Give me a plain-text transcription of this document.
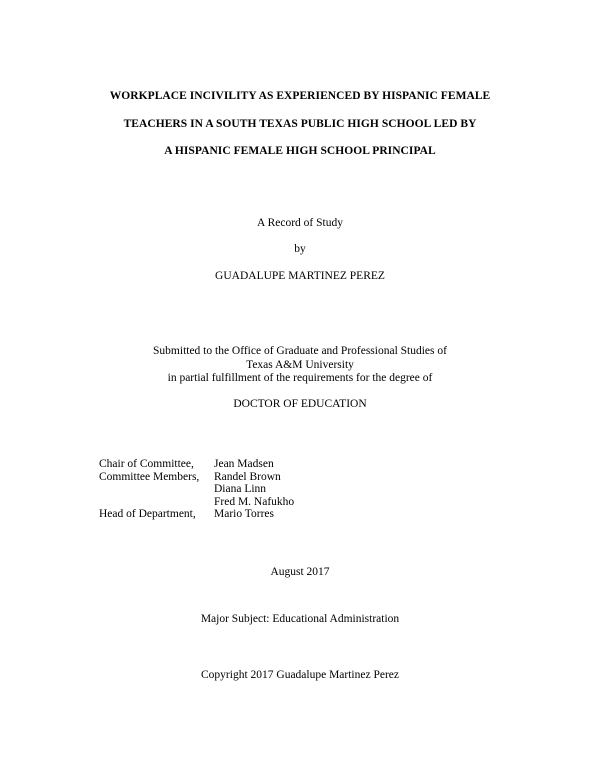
WORKPLACE INCIVILITY AS EXPERIENCED BY HISPANIC FEMALE
TEACHERS IN A SOUTH TEXAS PUBLIC HIGH SCHOOL LED BY
A HISPANIC FEMALE HIGH SCHOOL PRINCIPAL
A Record of Study
by
GUADALUPE MARTINEZ PEREZ
Submitted to the Office of Graduate and Professional Studies of
Texas A&M University
in partial fulfillment of the requirements for the degree of
DOCTOR OF EDUCATION
Chair of Committee,	Jean Madsen
Committee Members,	Randel Brown
Diana Linn
Fred M. Nafukho
Head of Department,	Mario Torres
August 2017
Major Subject: Educational Administration
Copyright 2017 Guadalupe Martinez Perez
